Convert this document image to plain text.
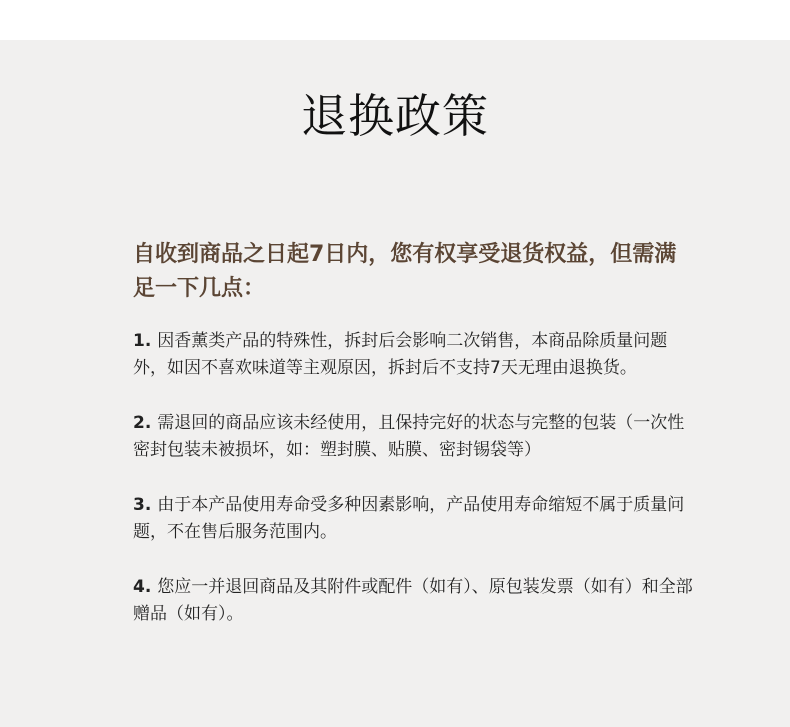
退换政策
自收到商品之日起7日内，您有权享受退货权益，但需满足一下几点：
1. 因香薰类产品的特殊性，拆封后会影响二次销售，本商品除质量问题外，如因不喜欢味道等主观原因，拆封后不支持7天无理由退换货。
2. 需退回的商品应该未经使用，且保持完好的状态与完整的包装（一次性密封包装未被损坏，如：塑封膜、贴膜、密封锡袋等）
3. 由于本产品使用寿命受多种因素影响，产品使用寿命缩短不属于质量问题，不在售后服务范围内。
4. 您应一并退回商品及其附件或配件（如有）、原包装发票（如有）和全部赠品（如有）。
